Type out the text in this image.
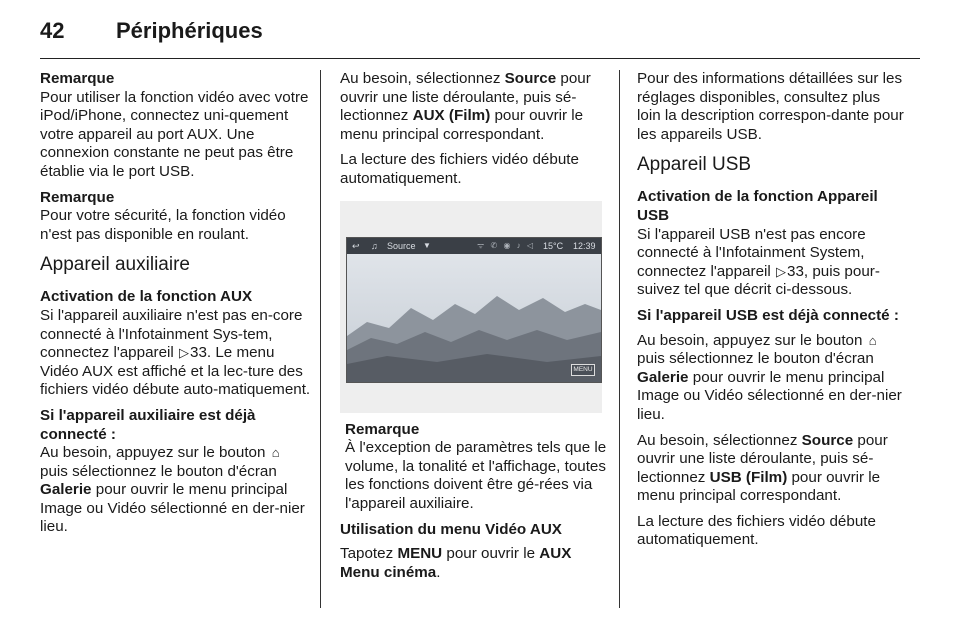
42 Périphériques

Remarque

Pour utiliser la fonction vidéo avec votre iPod/iPhone, connectez uni-quement votre appareil au port AUX. Une connexion constante ne peut pas être établie via le port USB.

Remarque

Pour votre sécurité, la fonction vidéo n'est pas disponible en roulant.

Appareil auxiliaire

Activation de la fonction AUX

Si l'appareil auxiliaire n'est pas en-core connecté à l'Infotainment Sys-tem, connectez l'appareil ▷33. Le menu Vidéo AUX est affiché et la lec-ture des fichiers vidéo débute auto-matiquement.

Si l'appareil auxiliaire est déjà connecté :

Au besoin, appuyez sur le bouton ⌂ puis sélectionnez le bouton d'écran Galerie pour ouvrir le menu principal Image ou Vidéo sélectionné en der-nier lieu.

Au besoin, sélectionnez Source pour ouvrir une liste déroulante, puis sé-lectionnez AUX (Film) pour ouvrir le menu principal correspondant.

La lecture des fichiers vidéo débute automatiquement.

↩ ♫ Source ▼	ᯤ ✆ ◉ ♪ ◁ 15°C 12:39
MENU

Remarque

À l'exception de paramètres tels que le volume, la tonalité et l'affichage, toutes les fonctions doivent être gé-rées via l'appareil auxiliaire.

Utilisation du menu Vidéo AUX

Tapotez MENU pour ouvrir le AUX Menu cinéma.

Pour des informations détaillées sur les réglages disponibles, consultez plus loin la description correspon-dante pour les appareils USB.

Appareil USB

Activation de la fonction Appareil USB

Si l'appareil USB n'est pas encore connecté à l'Infotainment System, connectez l'appareil ▷33, puis pour-suivez tel que décrit ci-dessous.

Si l'appareil USB est déjà connecté :

Au besoin, appuyez sur le bouton ⌂ puis sélectionnez le bouton d'écran Galerie pour ouvrir le menu principal Image ou Vidéo sélectionné en der-nier lieu.

Au besoin, sélectionnez Source pour ouvrir une liste déroulante, puis sé-lectionnez USB (Film) pour ouvrir le menu principal correspondant.

La lecture des fichiers vidéo débute automatiquement.
